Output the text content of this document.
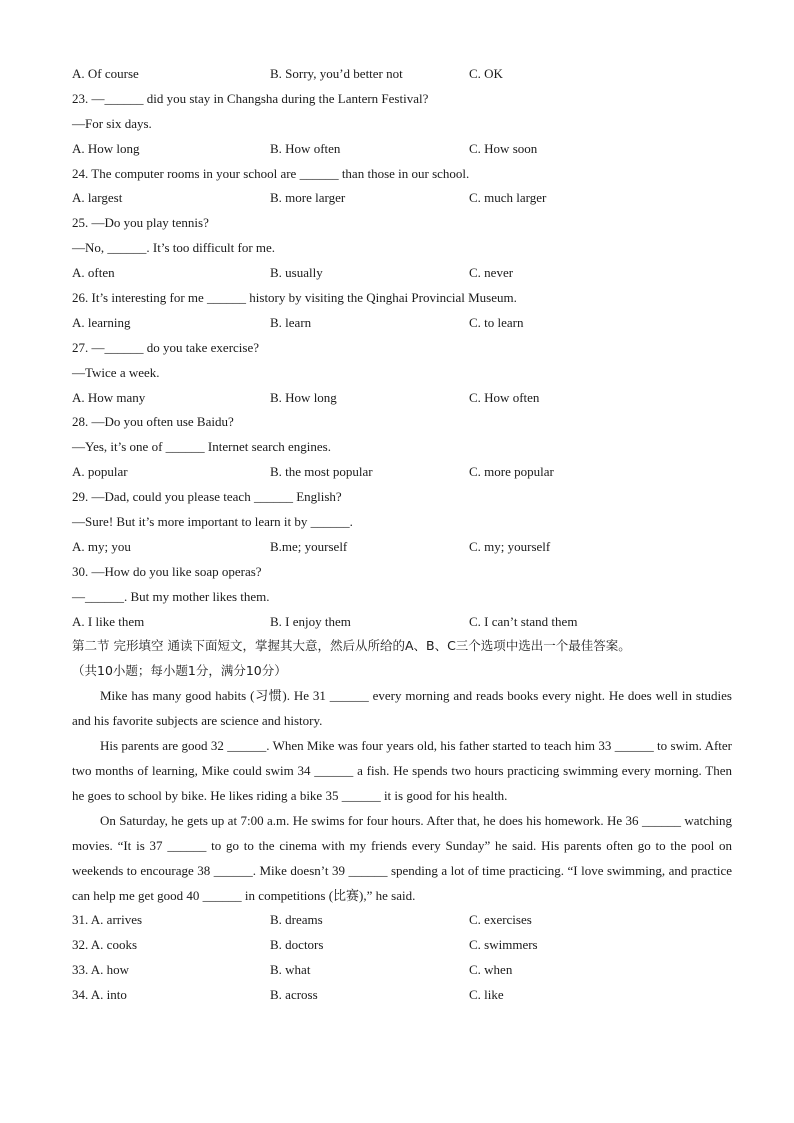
A. Of course	B. Sorry, you’d better not	C. OK
23. —______ did you stay in Changsha during the Lantern Festival?
—For six days.
A. How long	B. How often	C. How soon
24. The computer rooms in your school are ______ than those in our school.
A. largest	B. more larger	C. much larger
25. —Do you play tennis?
—No, ______. It’s too difficult for me.
A. often	B. usually	C. never
26. It’s interesting for me ______ history by visiting the Qinghai Provincial Museum.
A. learning	B. learn	C. to learn
27. —______ do you take exercise?
—Twice a week.
A. How many	B. How long	C. How often
28. —Do you often use Baidu?
—Yes, it’s one of ______ Internet search engines.
A. popular	B. the most popular	C. more popular
29. —Dad, could you please teach ______ English?
—Sure! But it’s more important to learn it by ______.
A. my; you	B.me; yourself	C. my; yourself
30. —How do you like soap operas?
—______. But my mother likes them.
A. I like them	B. I enjoy them	C. I can’t stand them
第二节 完形填空 通读下面短文，掌握其大意，然后从所给的A、B、C三个选项中选出一个最佳答案。
（共10小题；每小题1分，满分10分）

Mike has many good habits (习惯). He 31 ______ every morning and reads books every night. He does well in studies and his favorite subjects are science and history.

His parents are good 32 ______. When Mike was four years old, his father started to teach him 33 ______ to swim. After two months of learning, Mike could swim 34 ______ a fish. He spends two hours practicing swimming every morning. Then he goes to school by bike. He likes riding a bike 35 ______ it is good for his health.

On Saturday, he gets up at 7:00 a.m. He swims for four hours. After that, he does his homework. He 36 ______ watching movies. “It is 37 ______ to go to the cinema with my friends every Sunday” he said. His parents often go to the pool on weekends to encourage 38 ______. Mike doesn’t 39 ______ spending a lot of time practicing. “I love swimming, and practice can help me get good 40 ______ in competitions (比赛),” he said.

31. A. arrives	B. dreams	C. exercises
32. A. cooks	B. doctors	C. swimmers
33. A. how	B. what	C. when
34. A. into	B. across	C. like
